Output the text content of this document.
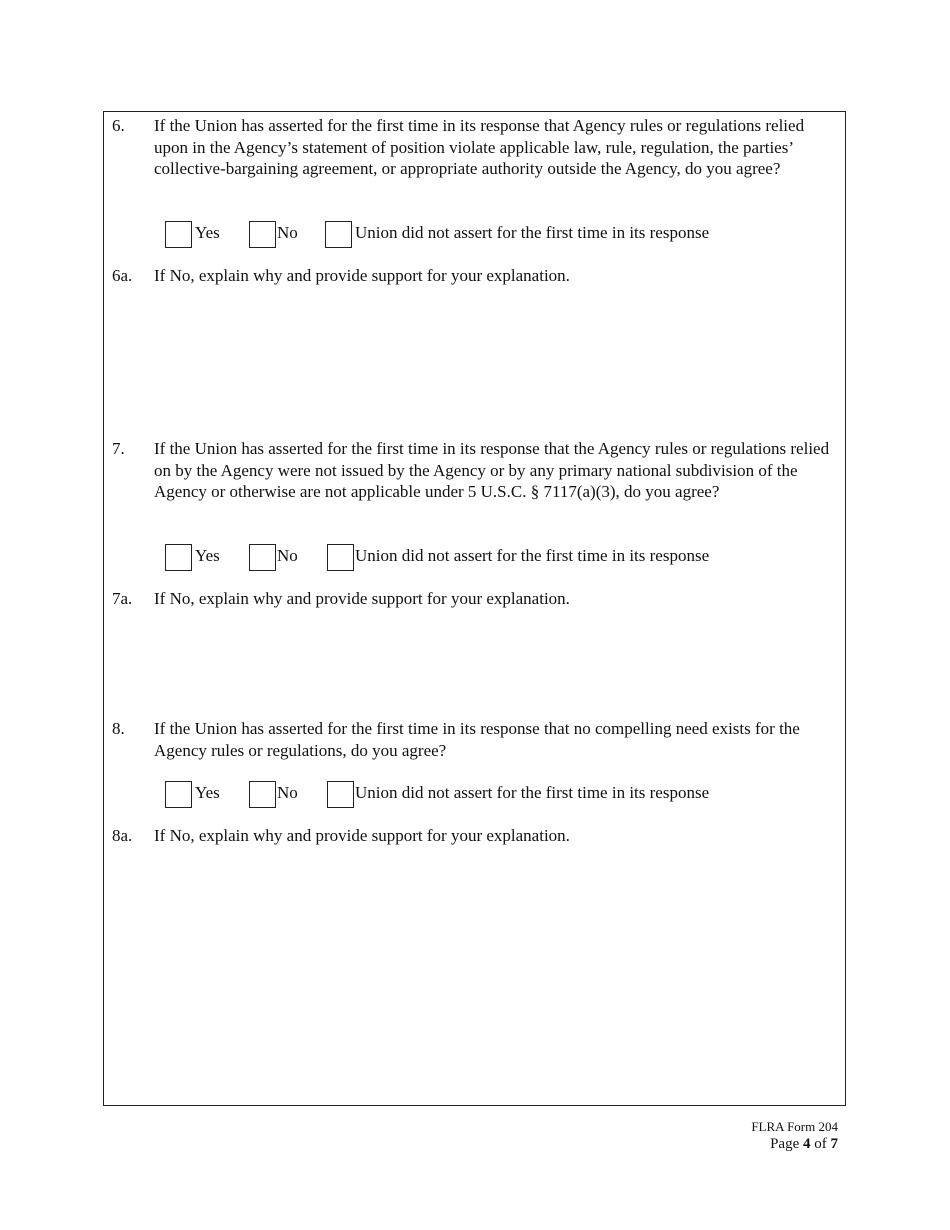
6. If the Union has asserted for the first time in its response that Agency rules or regulations relied upon in the Agency’s statement of position violate applicable law, rule, regulation, the parties’ collective-bargaining agreement, or appropriate authority outside the Agency, do you agree?
Yes	No	Union did not assert for the first time in its response
6a. If No, explain why and provide support for your explanation.
7. If the Union has asserted for the first time in its response that the Agency rules or regulations relied on by the Agency were not issued by the Agency or by any primary national subdivision of the Agency or otherwise are not applicable under 5 U.S.C. § 7117(a)(3), do you agree?
Yes	No	Union did not assert for the first time in its response
7a. If No, explain why and provide support for your explanation.
8. If the Union has asserted for the first time in its response that no compelling need exists for the Agency rules or regulations, do you agree?
Yes	No	Union did not assert for the first time in its response
8a. If No, explain why and provide support for your explanation.
FLRA Form 204
Page 4 of 7
